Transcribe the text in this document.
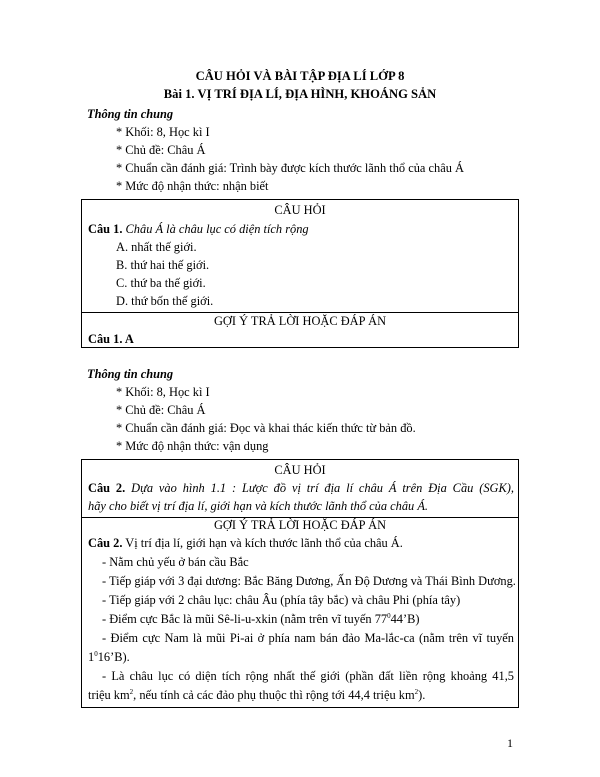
CÂU HỎI VÀ BÀI TẬP ĐỊA LÍ LỚP 8
Bài 1. VỊ TRÍ ĐỊA LÍ, ĐỊA HÌNH, KHOÁNG SẢN
Thông tin chung
* Khối: 8, Học kì I
* Chủ đề: Châu Á
* Chuẩn cần đánh giá: Trình bày được kích thước lãnh thổ của châu Á
* Mức độ nhận thức: nhận biết
CÂU HỎI
Câu 1. Châu Á là châu lục có diện tích rộng
A. nhất thế giới.
B. thứ hai thế giới.
C. thứ ba thế giới.
D. thứ bốn thế giới.
GỢI Ý TRẢ LỜI HOẶC ĐÁP ÁN
Câu 1. A
Thông tin chung
* Khối: 8, Học kì I
* Chủ đề: Châu Á
* Chuẩn cần đánh giá: Đọc và khai thác kiến thức từ bản đồ.
* Mức độ nhận thức: vận dụng
CÂU HỎI
Câu 2. Dựa vào hình 1.1 : Lược đồ vị trí địa lí châu Á trên Địa Cầu (SGK),
hãy cho biết vị trí địa lí, giới hạn và kích thước lãnh thổ của châu Á.
GỢI Ý TRẢ LỜI HOẶC ĐÁP ÁN
Câu 2. Vị trí địa lí, giới hạn và kích thước lãnh thổ của châu Á.
- Nằm chủ yếu ở bán cầu Bắc
- Tiếp giáp với 3 đại dương: Bắc Băng Dương, Ấn Độ Dương và Thái Bình Dương.
- Tiếp giáp với 2 châu lục: châu Âu (phía tây bắc) và châu Phi (phía tây)
- Điểm cực Bắc là mũi Sê-li-u-xkin (nằm trên vĩ tuyến $77^044’B$)
- Điểm cực Nam là mũi Pi-ai ở phía nam bán đảo Ma-lắc-ca (nằm trên vĩ tuyến
$1^016’B$).
- Là châu lục có diện tích rộng nhất thế giới (phần đất liền rộng khoảng 41,5
triệu $km^2$, nếu tính cả các đảo phụ thuộc thì rộng tới 44,4 triệu $km^2$).
1
